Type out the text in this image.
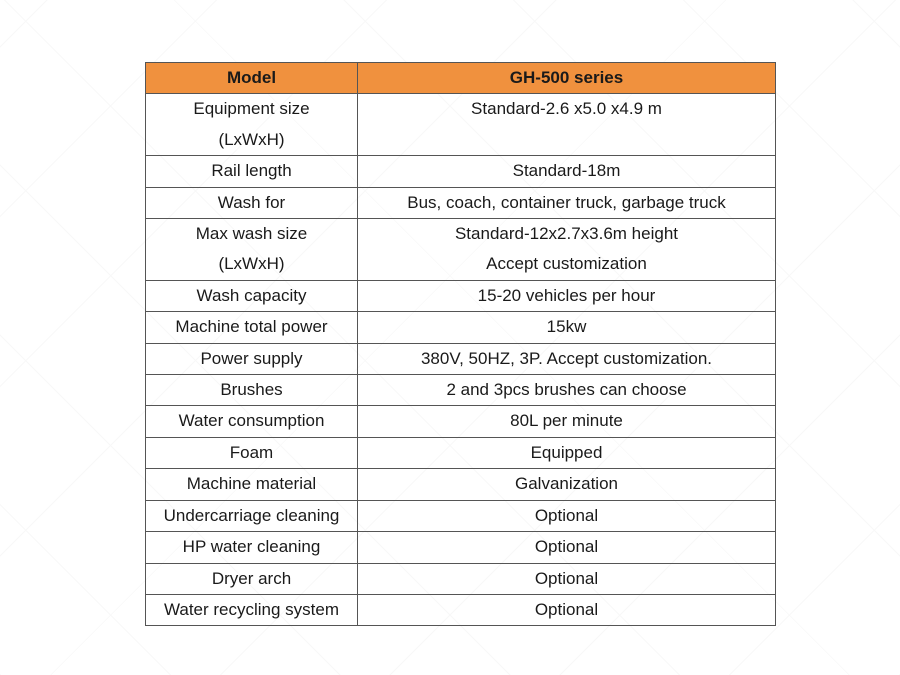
Model	GH-500 series

Equipment size
(LxWxH)	Standard-2.6 x5.0 x4.9 m

Rail length	Standard-18m

Wash for	Bus, coach, container truck, garbage truck

Max wash size
(LxWxH)	Standard-12x2.7x3.6m height
Accept customization

Wash capacity	15-20 vehicles per hour

Machine total power	15kw

Power supply	380V, 50HZ, 3P. Accept customization.

Brushes	2 and 3pcs brushes can choose

Water consumption	80L per minute

Foam	Equipped

Machine material	Galvanization

Undercarriage cleaning	Optional

HP water cleaning	Optional

Dryer arch	Optional

Water recycling system	Optional
